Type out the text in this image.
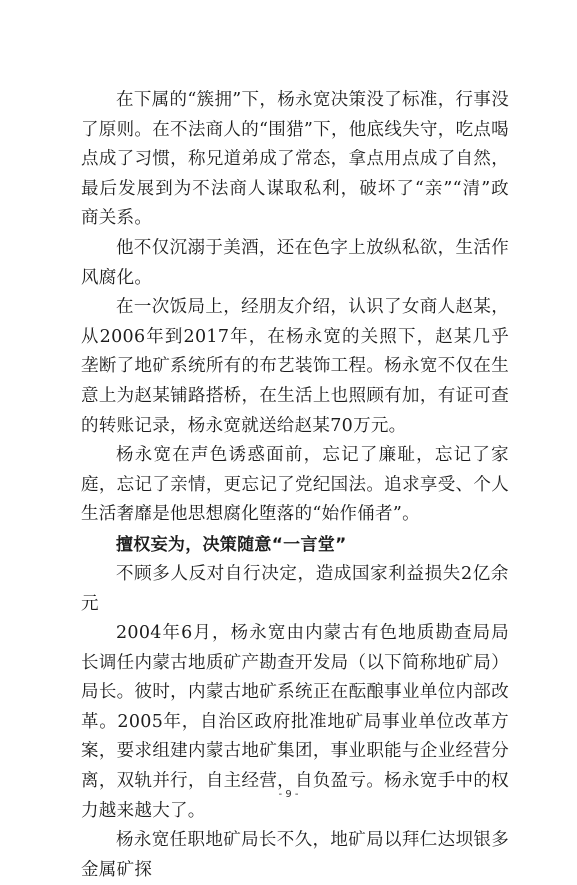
在下属的“簇拥”下，杨永宽决策没了标准，行事没了原则。在不法商人的“围猎”下，他底线失守，吃点喝点成了习惯，称兄道弟成了常态，拿点用点成了自然，最后发展到为不法商人谋取私利，破坏了“亲”“清”政商关系。

他不仅沉溺于美酒，还在色字上放纵私欲，生活作风腐化。

在一次饭局上，经朋友介绍，认识了女商人赵某，从2006年到2017年，在杨永宽的关照下，赵某几乎垄断了地矿系统所有的布艺装饰工程。杨永宽不仅在生意上为赵某铺路搭桥，在生活上也照顾有加，有证可查的转账记录，杨永宽就送给赵某70万元。

杨永宽在声色诱惑面前，忘记了廉耻，忘记了家庭，忘记了亲情，更忘记了党纪国法。追求享受、个人生活奢靡是他思想腐化堕落的“始作俑者”。

擅权妄为，决策随意“一言堂”

不顾多人反对自行决定，造成国家利益损失2亿余元

2004年6月，杨永宽由内蒙古有色地质勘查局局长调任内蒙古地质矿产勘查开发局（以下简称地矿局）局长。彼时，内蒙古地矿系统正在酝酿事业单位内部改革。2005年，自治区政府批准地矿局事业单位改革方案，要求组建内蒙古地矿集团，事业职能与企业经营分离，双轨并行，自主经营，自负盈亏。杨永宽手中的权力越来越大了。

杨永宽任职地矿局长不久，地矿局以拜仁达坝银多金属矿探

- 9 -
